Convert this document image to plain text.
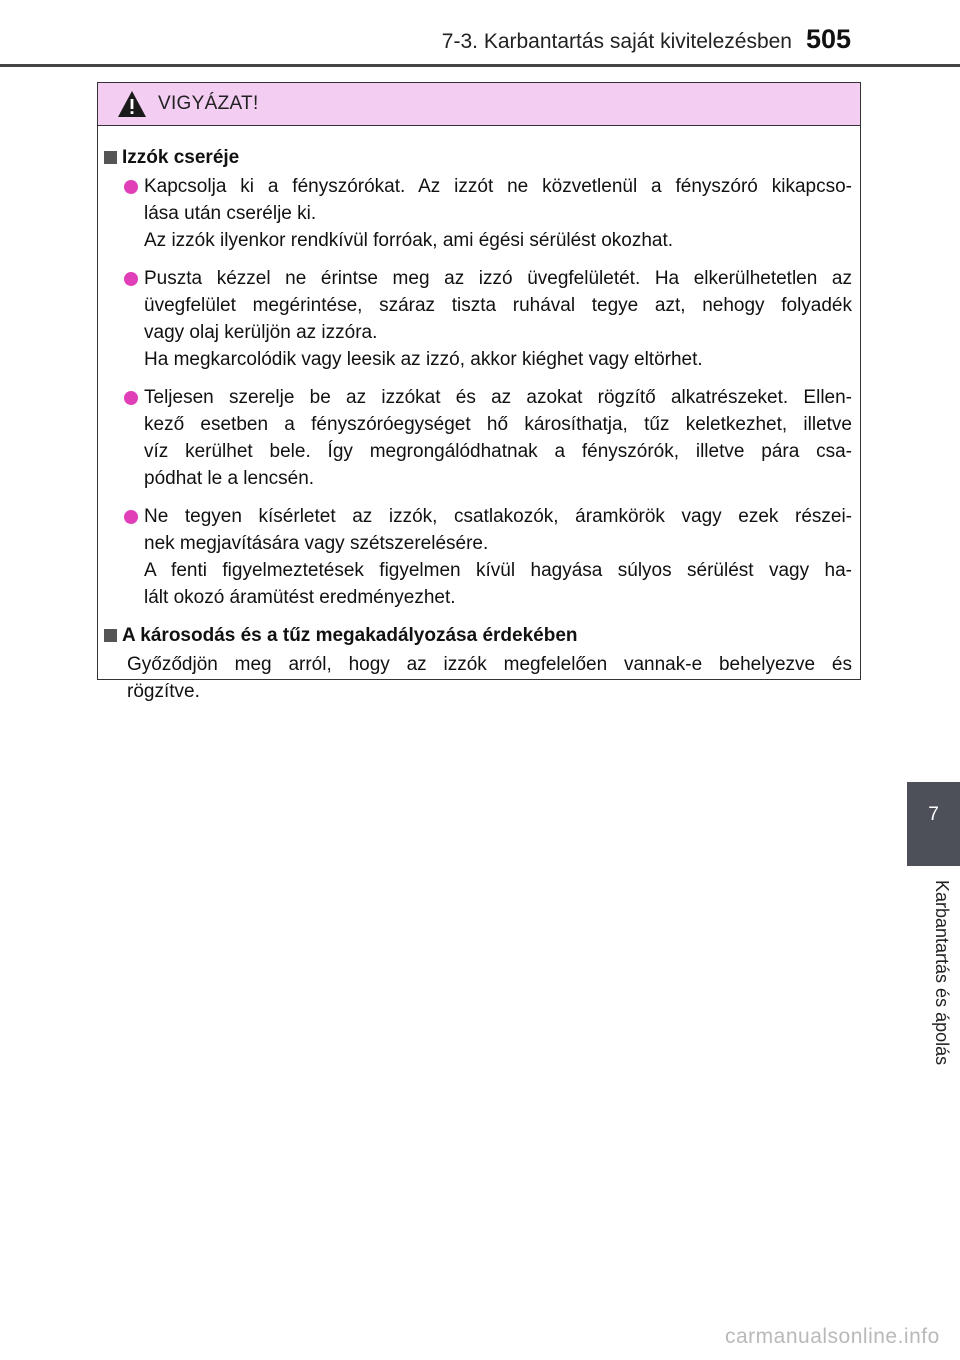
7-3. Karbantartás saját kivitelezésben 505
VIGYÁZAT!
Izzók cseréje
Kapcsolja ki a fényszórókat. Az izzót ne közvetlenül a fényszóró kikapcso-
lása után cserélje ki.
Az izzók ilyenkor rendkívül forróak, ami égési sérülést okozhat.
Puszta kézzel ne érintse meg az izzó üvegfelületét. Ha elkerülhetetlen az
üvegfelület megérintése, száraz tiszta ruhával tegye azt, nehogy folyadék
vagy olaj kerüljön az izzóra.
Ha megkarcolódik vagy leesik az izzó, akkor kiéghet vagy eltörhet.
Teljesen szerelje be az izzókat és az azokat rögzítő alkatrészeket. Ellen-
kező esetben a fényszóróegységet hő károsíthatja, tűz keletkezhet, illetve
víz kerülhet bele. Így megrongálódhatnak a fényszórók, illetve pára csa-
pódhat le a lencsén.
Ne tegyen kísérletet az izzók, csatlakozók, áramkörök vagy ezek részei-
nek megjavítására vagy szétszerelésére.
A fenti figyelmeztetések figyelmen kívül hagyása súlyos sérülést vagy ha-
lált okozó áramütést eredményezhet.
A károsodás és a tűz megakadályozása érdekében
Győződjön meg arról, hogy az izzók megfelelően vannak-e behelyezve és
rögzítve.
7
Karbantartás és ápolás
carmanualsonline.info
